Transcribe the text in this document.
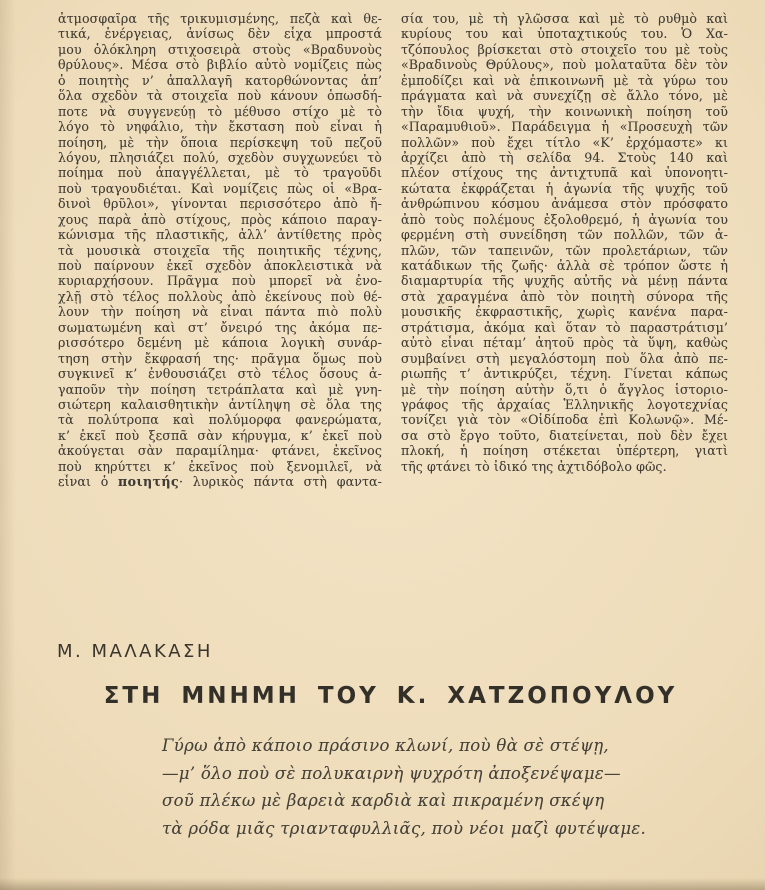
ἀτμοσφαῖρα τῆς τρικυμισμένης, πεζὰ καὶ θε-
τικά, ἐνέργειας, ἀνίσως δὲν εἶχα μπροστά
μου ὁλόκληρη στιχοσειρὰ στοὺς «Βραδυνοὺς
θρύλους». Μέσα στὸ βιβλίο αὐτὸ νομίζεις πὼς
ὁ ποιητὴς ν’ ἀπαλλαγῆ κατορθώνοντας ἀπ’
ὅλα σχεδὸν τὰ στοιχεῖα ποὺ κάνουν ὁπωσδή-
ποτε νὰ συγγενεύῃ τὸ μέθυσο στίχο μὲ τὸ
λόγο τὸ νηφάλιο, τὴν ἔκσταση ποὺ εἶναι ἡ
ποίηση, μὲ τὴν ὅποια περίσκεψη τοῦ πεζοῦ
λόγου, πλησιάζει πολύ, σχεδὸν συγχωνεύει τὸ
ποίημα ποὺ ἀπαγγέλλεται, μὲ τὸ τραγοῦδι
ποὺ τραγουδιέται. Καὶ νομίζεις πὼς οἱ «Βρα-
δινοὶ θρῦλοι», γίνονται περισσότερο ἀπὸ ἤ-
χους παρὰ ἀπὸ στίχους, πρὸς κάποιο παραγ-
κώνισμα τῆς πλαστικῆς, ἀλλ’ ἀντίθετης πρὸς
τὰ μουσικὰ στοιχεῖα τῆς ποιητικῆς τέχνης,
ποὺ παίρνουν ἐκεῖ σχεδὸν ἀποκλειστικὰ νὰ
κυριαρχήσουν. Πρᾶγμα ποὺ μπορεῖ νὰ ἐνο-
χλῇ στὸ τέλος πολλοὺς ἀπὸ ἐκείνους ποὺ θέ-
λουν τὴν ποίηση νὰ εἶναι πάντα πιὸ πολὺ
σωματωμένη καὶ στ’ ὄνειρό της ἀκόμα πε-
ρισσότερο δεμένη μὲ κάποια λογικὴ συνάρ-
τηση στὴν ἔκφρασή της· πρᾶγμα ὅμως ποὺ
συγκινεῖ κ’ ἐνθουσιάζει στὸ τέλος ὅσους ἀ-
γαποῦν τὴν ποίηση τετράπλατα καὶ μὲ γνη-
σιώτερη καλαισθητικὴν ἀντίληψη σὲ ὅλα της
τὰ πολύτροπα καὶ πολύμορφα φανερώματα,
κ’ ἐκεῖ ποὺ ξεσπᾶ σὰν κήρυγμα, κ’ ἐκεῖ ποὺ
ἀκούγεται σὰν παραμίλημα· φτάνει, ἐκεῖνος
ποὺ κηρύττει κ’ ἐκεῖνος ποὺ ξενομιλεῖ, νὰ
εἶναι ὁ ποιητής· λυρικὸς πάντα στὴ φαντα-
σία του, μὲ τὴ γλῶσσα καὶ μὲ τὸ ρυθμὸ καὶ
κυρίους του καὶ ὑποταχτικούς του. Ὁ Χα-
τζόπουλος βρίσκεται στὸ στοιχεῖο του μὲ τοὺς
«Βραδινοὺς Θρύλους», ποὺ μολαταῦτα δὲν τὸν
ἐμποδίζει καὶ νὰ ἐπικοινωνῆ μὲ τὰ γύρω του
πράγματα καὶ νὰ συνεχίζῃ σὲ ἄλλο τόνο, μὲ
τὴν ἴδια ψυχή, τὴν κοινωνικὴ ποίηση τοῦ
«Παραμυθιοῦ». Παράδειγμα ἡ «Προσευχὴ τῶν
πολλῶν» ποὺ ἔχει τίτλο «Κ’ ἐρχόμαστε» κι
ἀρχίζει ἀπὸ τὴ σελίδα 94. Στοὺς 140 καὶ
πλέον στίχους της ἀντιχτυπᾶ καὶ ὑπονοητι-
κώτατα ἐκφράζεται ἡ ἀγωνία τῆς ψυχῆς τοῦ
ἀνθρώπινου κόσμου ἀνάμεσα στὸν πρόσφατο
ἀπὸ τοὺς πολέμους ἐξολοθρεμό, ἡ ἀγωνία του
φερμένη στὴ συνείδηση τῶν πολλῶν, τῶν ἁ-
πλῶν, τῶν ταπεινῶν, τῶν προλετάριων, τῶν
κατάδικων τῆς ζωῆς· ἀλλὰ σὲ τρόπον ὥστε ἡ
διαμαρτυρία τῆς ψυχῆς αὐτῆς νὰ μένῃ πάντα
στὰ χαραγμένα ἀπὸ τὸν ποιητὴ σύνορα τῆς
μουσικῆς ἐκφραστικῆς, χωρὶς κανένα παρα-
στράτισμα, ἀκόμα καὶ ὅταν τὸ παραστράτισμ’
αὐτὸ εἶναι πέταμ’ ἀητοῦ πρὸς τὰ ὕψη, καθὼς
συμβαίνει στὴ μεγαλόστομη ποὺ ὅλα ἀπὸ πε-
ριωπῆς τ’ ἀντικρύζει, τέχνη. Γίνεται κάπως
μὲ τὴν ποίηση αὐτὴν ὅ,τι ὁ ἄγγλος ἱστοριο-
γράφος τῆς ἀρχαίας Ἑλληνικῆς λογοτεχνίας
τονίζει γιὰ τὸν «Οἰδίποδα ἐπὶ Κολωνῷ». Μέ-
σα στὸ ἔργο τοῦτο, διατείνεται, ποὺ δὲν ἔχει
πλοκή, ἡ ποίηση στέκεται ὑπέρτερη, γιατὶ
τῆς φτάνει τὸ ἰδικό της ἀχτιδόβολο φῶς.
Μ. ΜΑΛΑΚΑΣΗ
ΣΤΗ ΜΝΗΜΗ ΤΟΥ Κ. ΧΑΤΖΟΠΟΥΛΟΥ
Γύρω ἀπὸ κάποιο πράσινο κλωνί, ποὺ θὰ σὲ στέψῃ,
—μ’ ὅλο ποὺ σὲ πολυκαιρνὴ ψυχρότη ἀποξενέψαμε—
σοῦ πλέκω μὲ βαρειὰ καρδιὰ καὶ πικραμένη σκέψη
τὰ ρόδα μιᾶς τριανταφυλλιᾶς, ποὺ νέοι μαζὶ φυτέψαμε.
